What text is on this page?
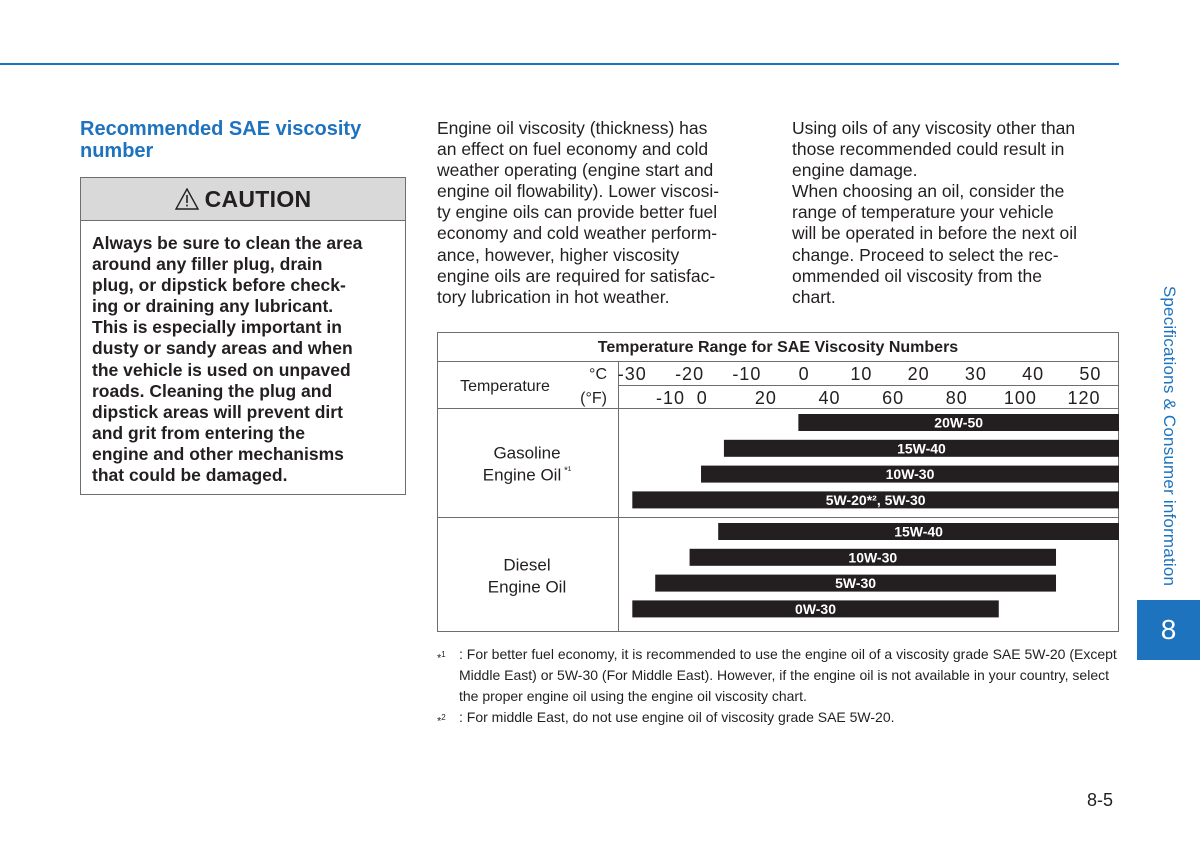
Recommended SAE viscosity number
CAUTION
Always be sure to clean the area
around any filler plug, drain
plug, or dipstick before check-
ing or draining any lubricant.
This is especially important in
dusty or sandy areas and when
the vehicle is used on unpaved
roads. Cleaning the plug and
dipstick areas will prevent dirt
and grit from entering the
engine and other mechanisms
that could be damaged.
Engine oil viscosity (thickness) has
an effect on fuel economy and cold
weather operating (engine start and
engine oil flowability). Lower viscosi-
ty engine oils can provide better fuel
economy and cold weather perform-
ance, however, higher viscosity
engine oils are required for satisfac-
tory lubrication in hot weather.
Using oils of any viscosity other than
those recommended could result in
engine damage.
When choosing an oil, consider the
range of temperature your vehicle
will be operated in before the next oil
change. Proceed to select the rec-
ommended oil viscosity from the
chart.
Temperature Range for SAE Viscosity Numbers
Temperature
°C
(°F)
-30 -20 -10 0 10 20 30 40 50
-10 0	20 40 60 80 100 120
Gasoline
Engine Oil $^{*^1}$
20W-50
15W-40
10W-30
5W-20*², 5W-30
Diesel
Engine Oil
15W-40
10W-30
5W-30
0W-30
*$^1$ : For better fuel economy, it is recommended to use the engine oil of a viscosity grade SAE 5W-20 (Except Middle East) or 5W-30 (For Middle East). However, if the engine oil is not available in your country, select the proper engine oil using the engine oil viscosity chart.
*$^2$ : For middle East, do not use engine oil of viscosity grade SAE 5W-20.
Specifications & Consumer information
8
8-5
